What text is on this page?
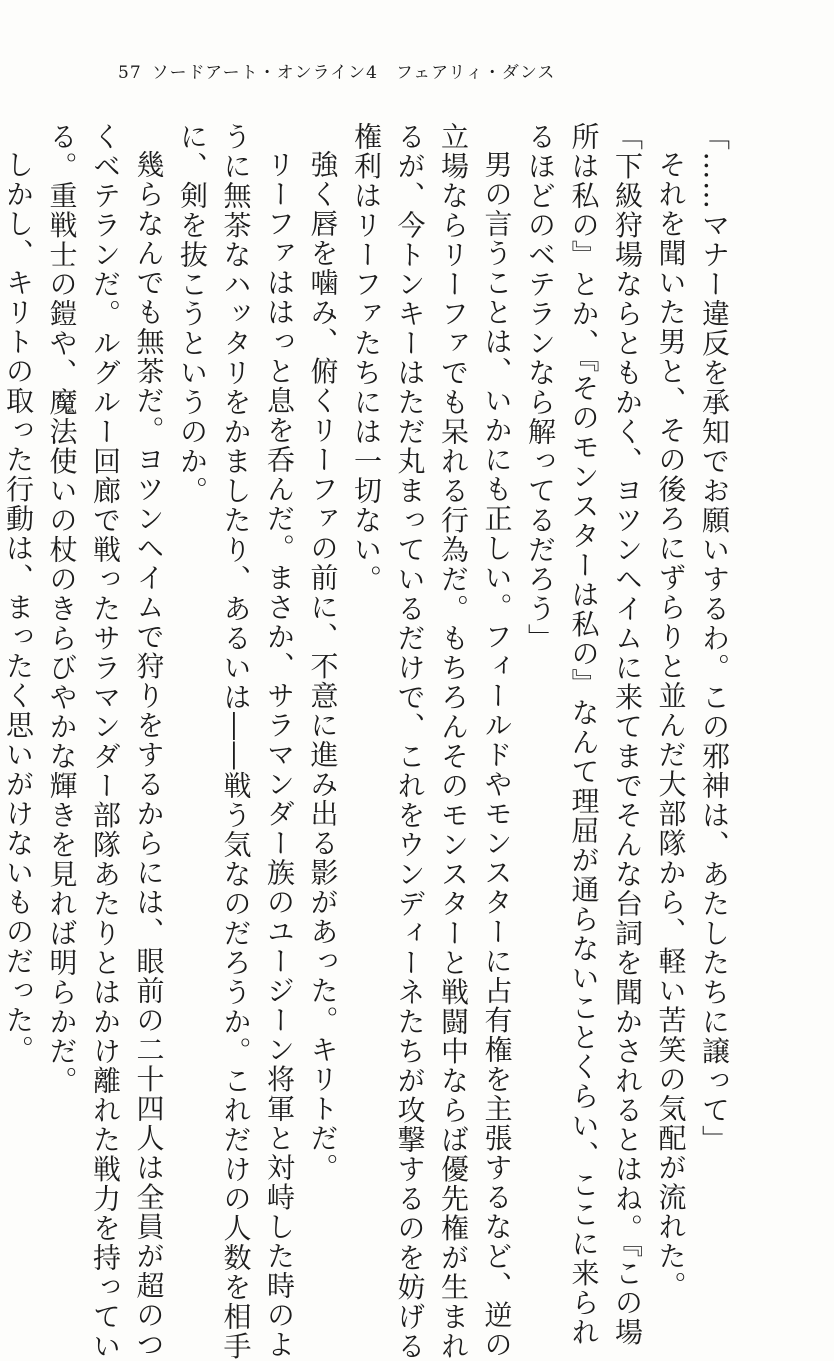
57 ソードアート・オンライン4　フェアリィ・ダンス

「……マナー違反を承知でお願いするわ。この邪神は、あたしたちに譲って」

それを聞いた男と、その後ろにずらりと並んだ大部隊から、軽い苦笑の気配が流れた。

「下級狩場ならともかく、ヨツンヘイムに来てまでそんな台詞を聞かされるとはね。『この場

所は私の』とか、『そのモンスターは私の』なんて理屈が通らないことくらい、ここに来られ

るほどのベテランなら解ってるだろう」

男の言うことは、いかにも正しい。フィールドやモンスターに占有権を主張するなど、逆の

立場ならリーファでも呆れる行為だ。もちろんそのモンスターと戦闘中ならば優先権が生まれ

るが、今トンキーはただ丸まっているだけで、これをウンディーネたちが攻撃するのを妨げる

権利はリーファたちには一切ない。

強く唇を噛み、俯くリーファの前に、不意に進み出る影があった。キリトだ。

リーファははっと息を呑んだ。まさか、サラマンダー族のユージーン将軍と対峙した時のよ

うに無茶なハッタリをかましたり、あるいは――戦う気なのだろうか。これだけの人数を相手

に、剣を抜こうというのか。

幾らなんでも無茶だ。ヨツンヘイムで狩りをするからには、眼前の二十四人は全員が超のつ

くベテランだ。ルグルー回廊で戦ったサラマンダー部隊あたりとはかけ離れた戦力を持ってい

る。重戦士の鎧や、魔法使いの杖のきらびやかな輝きを見れば明らかだ。

しかし、キリトの取った行動は、まったく思いがけないものだった。
